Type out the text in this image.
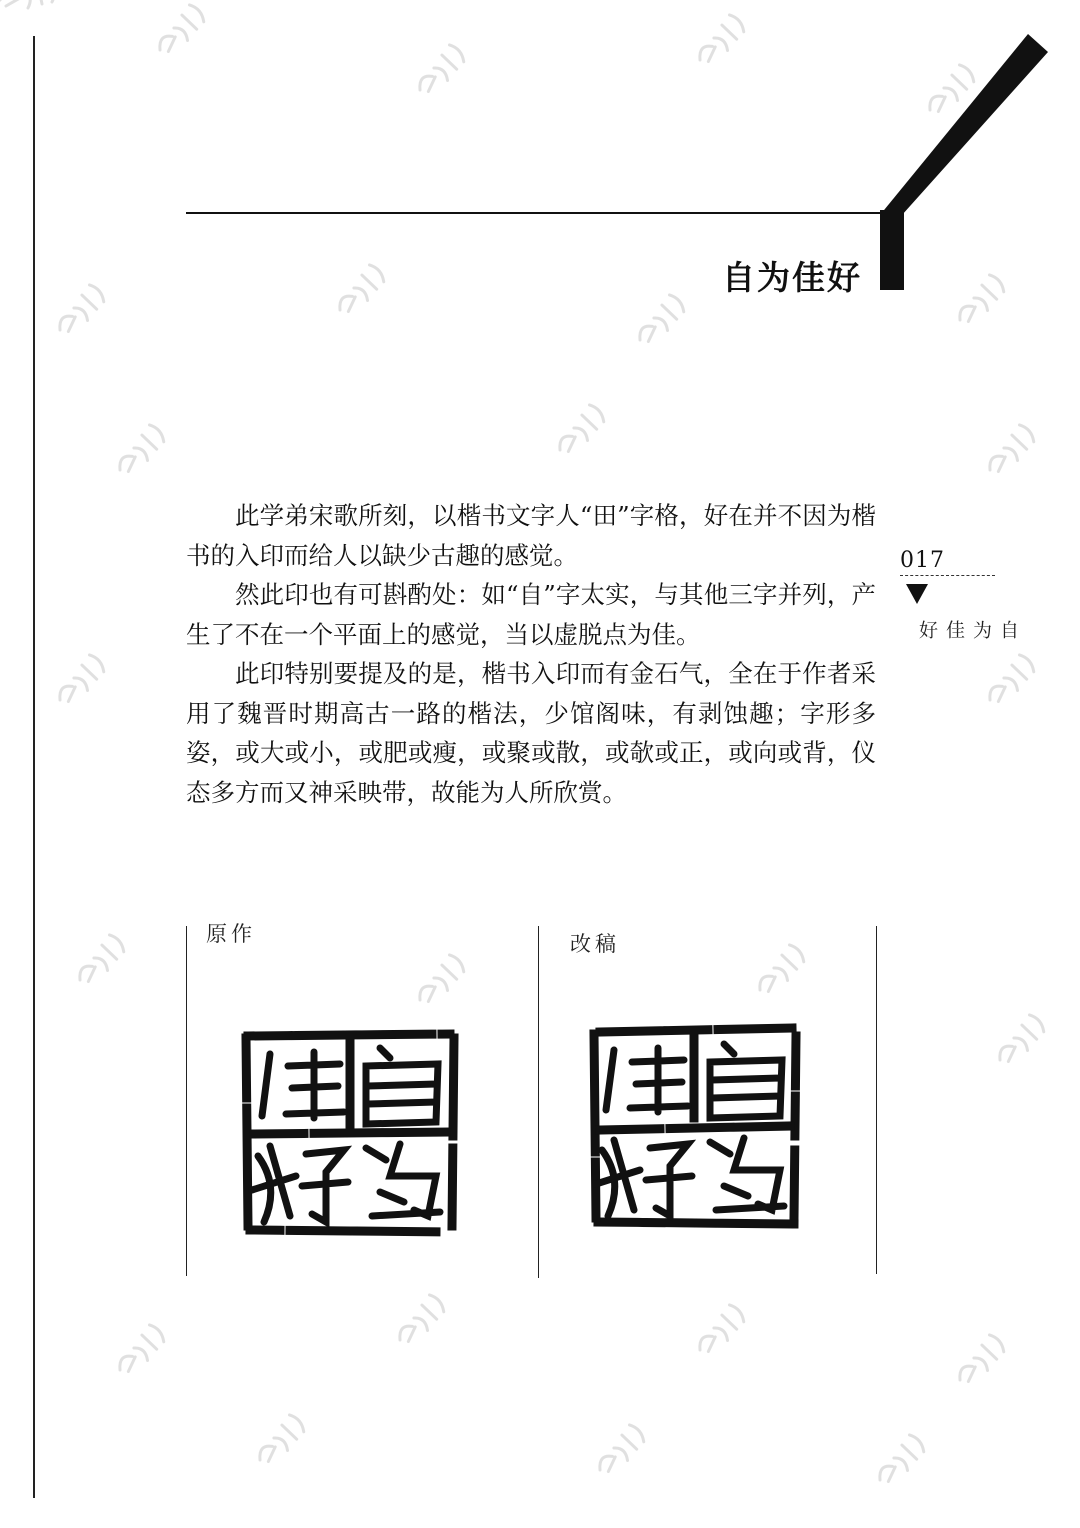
自为佳好

此学弟宋歌所刻，以楷书文字人“田”字格，好在并不因为楷书的入印而给人以缺少古趣的感觉。

然此印也有可斟酌处：如“自”字太实，与其他三字并列，产生了不在一个平面上的感觉，当以虚脱点为佳。

此印特别要提及的是，楷书入印而有金石气，全在于作者采用了魏晋时期高古一路的楷法，少馆阁味，有剥蚀趣；字形多姿，或大或小，或肥或瘦，或聚或散，或欹或正，或向或背，仪态多方而又神采映带，故能为人所欣赏。

017
自为佳好
原作	改稿
